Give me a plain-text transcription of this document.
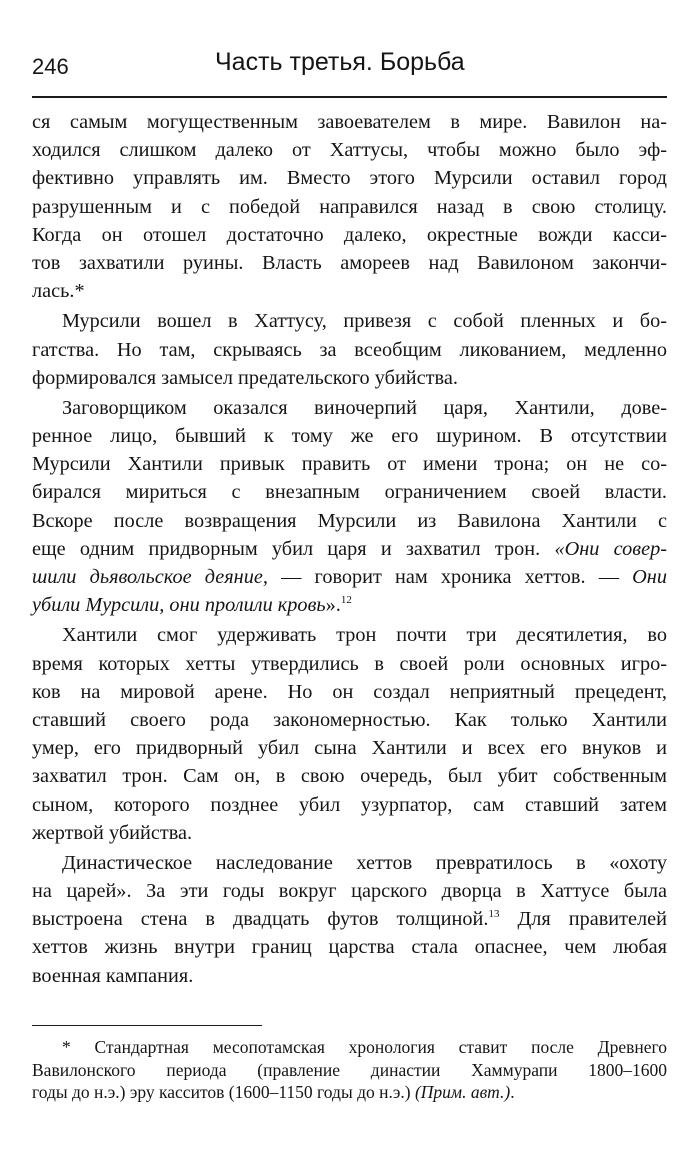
246	Часть третья. Борьба
ся самым могущественным завоевателем в мире. Вавилон на-
ходился слишком далеко от Хаттусы, чтобы можно было эф-
фективно управлять им. Вместо этого Мурсили оставил город
разрушенным и с победой направился назад в свою столицу.
Когда он отошел достаточно далеко, окрестные вожди касси-
тов захватили руины. Власть амореев над Вавилоном закончи-
лась.*
Мурсили вошел в Хаттусу, привезя с собой пленных и бо-
гатства. Но там, скрываясь за всеобщим ликованием, медленно
формировался замысел предательского убийства.
Заговорщиком оказался виночерпий царя, Хантили, дове-
ренное лицо, бывший к тому же его шурином. В отсутствии
Мурсили Хантили привык править от имени трона; он не со-
бирался мириться с внезапным ограничением своей власти.
Вскоре после возвращения Мурсили из Вавилона Хантили с
еще одним придворным убил царя и захватил трон. «Они совер-
шили дьявольское деяние, — говорит нам хроника хеттов. — Они
убили Мурсили, они пролили кровь».$^{12}$
Хантили смог удерживать трон почти три десятилетия, во
время которых хетты утвердились в своей роли основных игро-
ков на мировой арене. Но он создал неприятный прецедент,
ставший своего рода закономерностью. Как только Хантили
умер, его придворный убил сына Хантили и всех его внуков и
захватил трон. Сам он, в свою очередь, был убит собственным
сыном, которого позднее убил узурпатор, сам ставший затем
жертвой убийства.
Династическое наследование хеттов превратилось в «охоту
на царей». За эти годы вокруг царского дворца в Хаттусе была
выстроена стена в двадцать футов толщиной.$^{13}$ Для правителей
хеттов жизнь внутри границ царства стала опаснее, чем любая
военная кампания.
* Стандартная месопотамская хронология ставит после Древнего
Вавилонского периода (правление династии Хаммурапи 1800–1600
годы до н.э.) эру касситов (1600–1150 годы до н.э.) (Прим. авт.).
